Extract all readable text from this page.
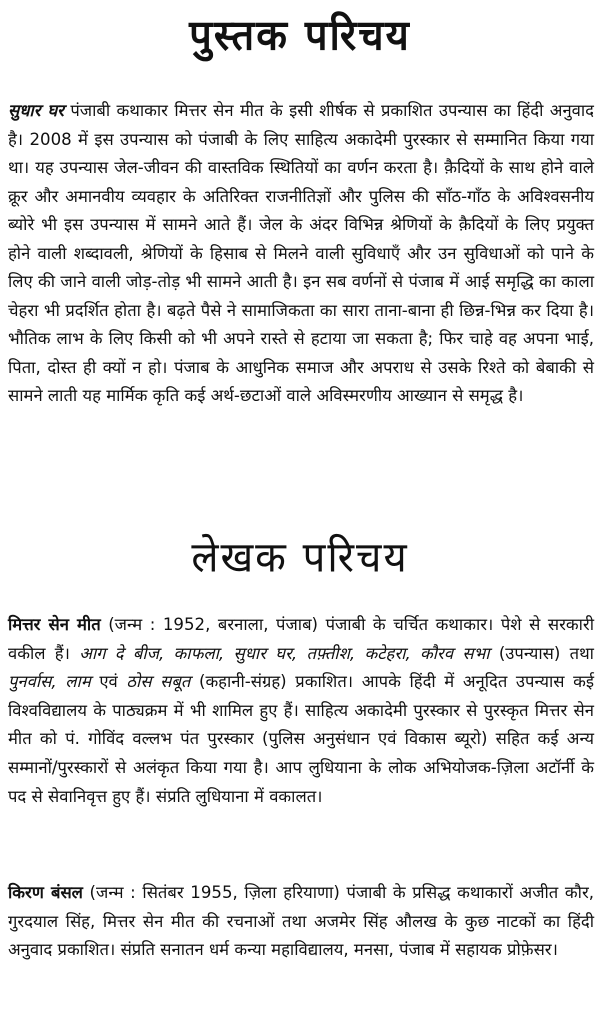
पुस्तक परिचय

सुधार घर पंजाबी कथाकार मित्तर सेन मीत के इसी शीर्षक से प्रकाशित उपन्यास का हिंदी अनुवाद है। 2008 में इस उपन्यास को पंजाबी के लिए साहित्य अकादेमी पुरस्कार से सम्मानित किया गया था। यह उपन्यास जेल-जीवन की वास्तविक स्थितियों का वर्णन करता है। क़ैदियों के साथ होने वाले क्रूर और अमानवीय व्यवहार के अतिरिक्त राजनीतिज्ञों और पुलिस की साँठ-गाँठ के अविश्वसनीय ब्योरे भी इस उपन्यास में सामने आते हैं। जेल के अंदर विभिन्न श्रेणियों के क़ैदियों के लिए प्रयुक्त होने वाली शब्दावली, श्रेणियों के हिसाब से मिलने वाली सुविधाएँ और उन सुविधाओं को पाने के लिए की जाने वाली जोड़-तोड़ भी सामने आती है। इन सब वर्णनों से पंजाब में आई समृद्धि का काला चेहरा भी प्रदर्शित होता है। बढ़ते पैसे ने सामाजिकता का सारा ताना-बाना ही छिन्न-भिन्न कर दिया है। भौतिक लाभ के लिए किसी को भी अपने रास्ते से हटाया जा सकता है; फिर चाहे वह अपना भाई, पिता, दोस्त ही क्यों न हो। पंजाब के आधुनिक समाज और अपराध से उसके रिश्ते को बेबाकी से सामने लाती यह मार्मिक कृति कई अर्थ-छटाओं वाले अविस्मरणीय आख्यान से समृद्ध है।

लेखक परिचय

मित्तर सेन मीत (जन्म : 1952, बरनाला, पंजाब) पंजाबी के चर्चित कथाकार। पेशे से सरकारी वकील हैं। आग दे बीज, काफला, सुधार घर, तफ़्तीश, कटेहरा, कौरव सभा (उपन्यास) तथा पुनर्वास, लाम एवं ठोस सबूत (कहानी-संग्रह) प्रकाशित। आपके हिंदी में अनूदित उपन्यास कई विश्वविद्यालय के पाठ्यक्रम में भी शामिल हुए हैं। साहित्य अकादेमी पुरस्कार से पुरस्कृत मित्तर सेन मीत को पं. गोविंद वल्लभ पंत पुरस्कार (पुलिस अनुसंधान एवं विकास ब्यूरो) सहित कई अन्य सम्मानों/पुरस्कारों से अलंकृत किया गया है। आप लुधियाना के लोक अभियोजक-ज़िला अटॉर्नी के पद से सेवानिवृत्त हुए हैं। संप्रति लुधियाना में वकालत।

किरण बंसल (जन्म : सितंबर 1955, ज़िला हरियाणा) पंजाबी के प्रसिद्ध कथाकारों अजीत कौर, गुरदयाल सिंह, मित्तर सेन मीत की रचनाओं तथा अजमेर सिंह औलख के कुछ नाटकों का हिंदी अनुवाद प्रकाशित। संप्रति सनातन धर्म कन्या महाविद्यालय, मनसा, पंजाब में सहायक प्रोफ़ेसर।
